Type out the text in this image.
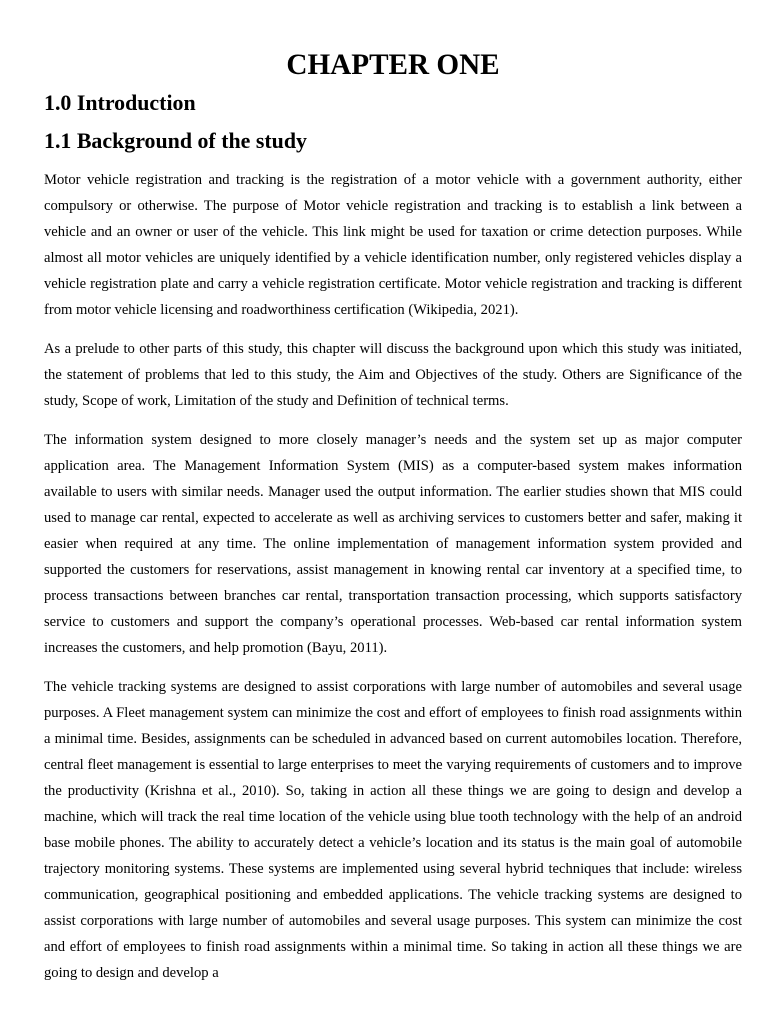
CHAPTER ONE
1.0 Introduction
1.1 Background of the study

Motor vehicle registration and tracking is the registration of a motor vehicle with a government authority, either compulsory or otherwise. The purpose of Motor vehicle registration and tracking is to establish a link between a vehicle and an owner or user of the vehicle. This link might be used for taxation or crime detection purposes. While almost all motor vehicles are uniquely identified by a vehicle identification number, only registered vehicles display a vehicle registration plate and carry a vehicle registration certificate. Motor vehicle registration and tracking is different from motor vehicle licensing and roadworthiness certification (Wikipedia, 2021).

As a prelude to other parts of this study, this chapter will discuss the background upon which this study was initiated, the statement of problems that led to this study, the Aim and Objectives of the study. Others are Significance of the study, Scope of work, Limitation of the study and Definition of technical terms.

The information system designed to more closely manager’s needs and the system set up as major computer application area. The Management Information System (MIS) as a computer-based system makes information available to users with similar needs. Manager used the output information. The earlier studies shown that MIS could used to manage car rental, expected to accelerate as well as archiving services to customers better and safer, making it easier when required at any time. The online implementation of management information system provided and supported the customers for reservations, assist management in knowing rental car inventory at a specified time, to process transactions between branches car rental, transportation transaction processing, which supports satisfactory service to customers and support the company’s operational processes. Web-based car rental information system increases the customers, and help promotion (Bayu, 2011).

The vehicle tracking systems are designed to assist corporations with large number of automobiles and several usage purposes. A Fleet management system can minimize the cost and effort of employees to finish road assignments within a minimal time. Besides, assignments can be scheduled in advanced based on current automobiles location. Therefore, central fleet management is essential to large enterprises to meet the varying requirements of customers and to improve the productivity (Krishna et al., 2010). So, taking in action all these things we are going to design and develop a machine, which will track the real time location of the vehicle using blue tooth technology with the help of an android base mobile phones. The ability to accurately detect a vehicle’s location and its status is the main goal of automobile trajectory monitoring systems. These systems are implemented using several hybrid techniques that include: wireless communication, geographical positioning and embedded applications. The vehicle tracking systems are designed to assist corporations with large number of automobiles and several usage purposes. This system can minimize the cost and effort of employees to finish road assignments within a minimal time. So taking in action all these things we are going to design and develop a
